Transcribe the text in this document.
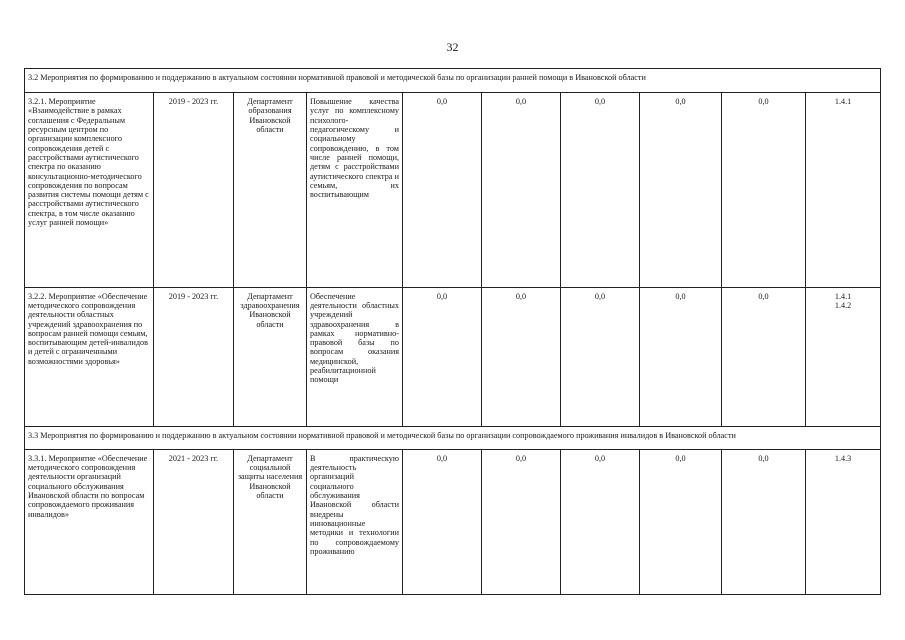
32
3.2 Мероприятия по формированию и поддержанию в актуальном состоянии нормативной правовой и методической базы по организации ранней помощи в Ивановской области									
3.2.1. Мероприятие «Взаимодействие в рамках соглашения с Федеральным ресурсным центром по организации комплексного сопровождения детей с расстройствами аутистического спектра по оказанию консультационно-методического сопровождения по вопросам развития системы помощи детям с расстройствами аутистического спектра, в том числе оказанию услуг ранней помощи»	2019 - 2023 гг.	Департамент образования Ивановской области	Повышение качества услуг по комплексному психолого-педагогическому и социальному сопровождению, в том числе ранней помощи, детям с расстройствами аутистического спектра и семьям, их воспитывающим	0,0	0,0	0,0	0,0	0,0	1.4.1

3.2.2. Мероприятие «Обеспечение методического сопровождения деятельности областных учреждений здравоохранения по вопросам ранней помощи семьям, воспитывающим детей-инвалидов и детей с ограниченными возможностями здоровья»	2019 - 2023 гг.	Департамент здравоохранения Ивановской области	Обеспечение деятельности областных учреждений здравоохранения в рамках нормативно-правовой базы по вопросам оказания медицинской, реабилитационной помощи	0,0	0,0	0,0	0,0	0,0	1.4.1
1.4.2

3.3 Мероприятия по формированию и поддержанию в актуальном состоянии нормативной правовой и методической базы по организации сопровождаемого проживания инвалидов в Ивановской области									
3.3.1. Мероприятие «Обеспечение методического сопровождения деятельности организаций социального обслуживания Ивановской области по вопросам сопровождаемого проживания инвалидов»	2021 - 2023 гг.	Департамент социальной защиты населения Ивановской области	В практическую деятельность организаций социального обслуживания Ивановской области внедрены инновационные методики и технологии по сопровождаемому проживанию	0,0	0,0	0,0	0,0	0,0	1.4.3
